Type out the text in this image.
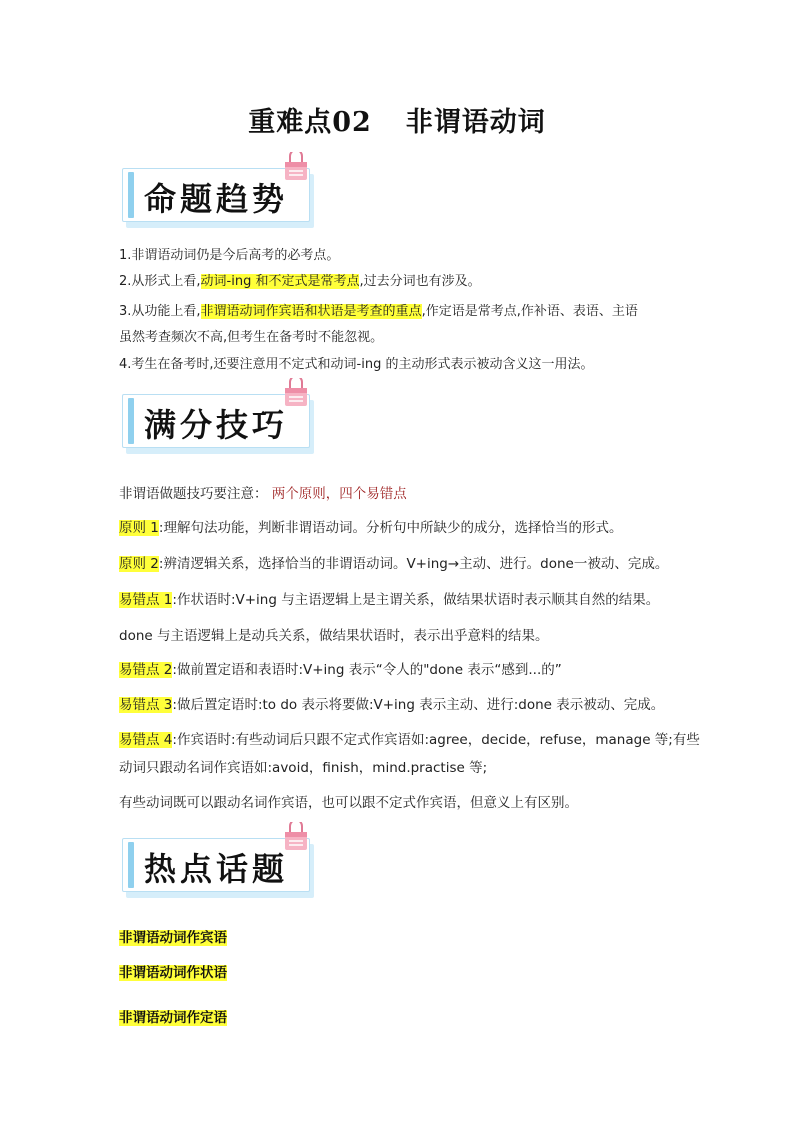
重难点02 非谓语动词
命题趋势
1.非谓语动词仍是今后高考的必考点。
2.从形式上看,动词-ing 和不定式是常考点,过去分词也有涉及。
3.从功能上看,非谓语动词作宾语和状语是考查的重点,作定语是常考点,作补语、表语、主语
虽然考查频次不高,但考生在备考时不能忽视。
4.考生在备考时,还要注意用不定式和动词-ing 的主动形式表示被动含义这一用法。
满分技巧
非谓语做题技巧要注意： 两个原则，四个易错点
原则 1:理解句法功能，判断非谓语动词。分析句中所缺少的成分，选择恰当的形式。
原则 2:辨清逻辑关系，选择恰当的非谓语动词。V+ing→主动、进行。done一被动、完成。
易错点 1:作状语时:V+ing 与主语逻辑上是主谓关系，做结果状语时表示顺其自然的结果。
done 与主语逻辑上是动兵关系，做结果状语时，表示出乎意料的结果。
易错点 2:做前置定语和表语时:V+ing 表示“令人的"done 表示“感到...的”
易错点 3:做后置定语时:to do 表示将要做:V+ing 表示主动、进行:done 表示被动、完成。
易错点 4:作宾语时:有些动词后只跟不定式作宾语如:agree，decide，refuse，manage 等;有些
动词只跟动名词作宾语如:avoid，finish，mind.practise 等;
有些动词既可以跟动名词作宾语，也可以跟不定式作宾语，但意义上有区别。
热点话题
非谓语动词作宾语
非谓语动词作状语
非谓语动词作定语
